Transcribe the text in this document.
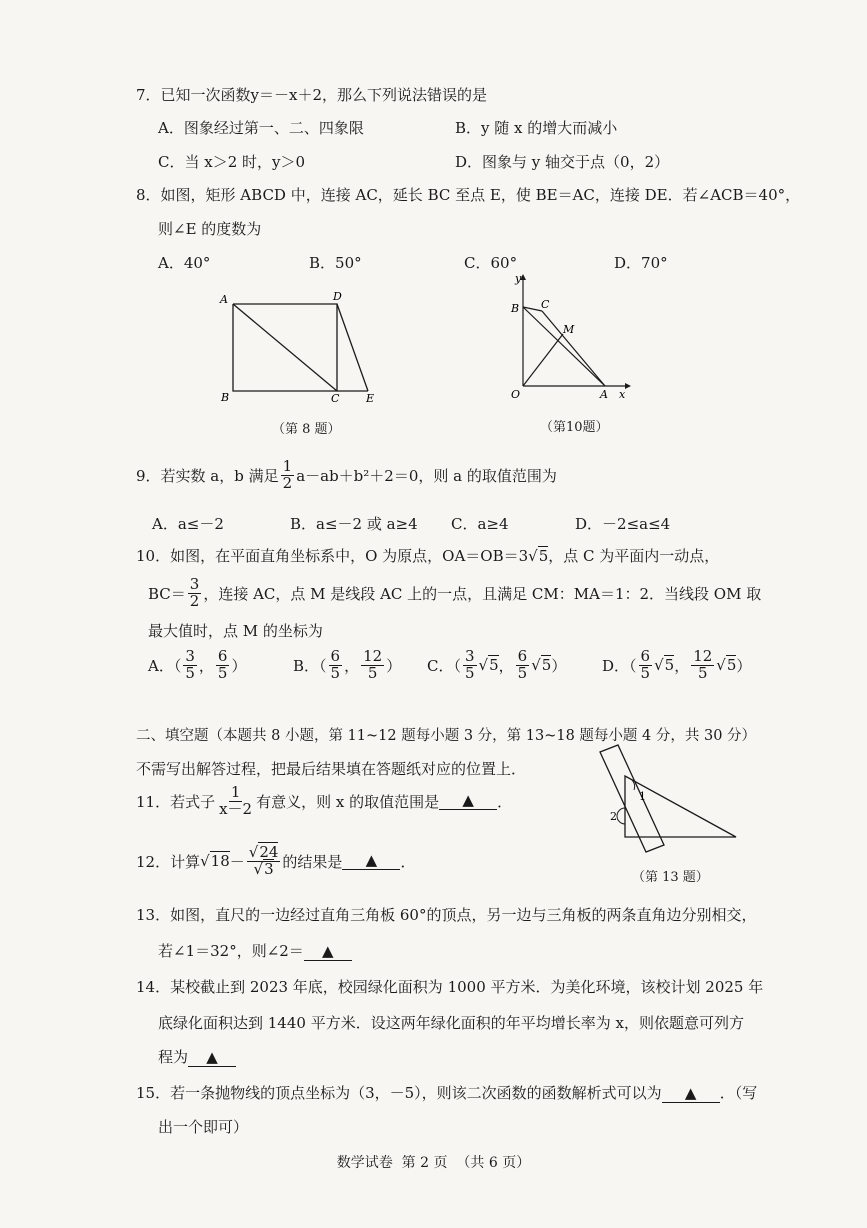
7．已知一次函数y＝－x＋2，那么下列说法错误的是
A．图象经过第一、二、四象限	B．y 随 x 的增大而减小
C．当 x＞2 时，y＞0	D．图象与 y 轴交于点（0，2）
8．如图，矩形 ABCD 中，连接 AC，延长 BC 至点 E，使 BE＝AC，连接 DE．若∠ACB＝40°，
则∠E 的度数为
A．40°	B．50°	C．60°	D．70°
A	D
B	C E
（第 8 题）
y
x
O	A
B C
M
（第10题）
9．若实数 a，b 满足 $\frac{1}{2} a-ab+b^2+2=0$，则 a 的取值范围为
A．a≤－2	B．a≤－2 或 a≥4 C．a≥4	D．－2≤a≤4
10．如图，在平面直角坐标系中，O 为原点，OA＝OB＝3√5，点 C 为平面内一动点，
$BC= \frac{3}{2}$ ，连接 AC，点 M 是线段 AC 上的一点，且满足 CM：MA＝1：2．当线段 OM 取
最大值时，点 M 的坐标为
A．（ $\frac{3}{5}$ ， $\frac{6}{5}$ ）	B．（ $\frac{6}{5}$ ， $\frac{12}{5}$ ） C．（ $\frac{3}{5} √5$ ， $\frac{6}{5} √5$ ） D．（ $\frac{6}{5} √5$ ， $\frac{12}{5} √5$ ）
二、填空题（本题共 8 小题，第 11~12 题每小题 3 分，第 13~18 题每小题 4 分，共 30 分）
不需写出解答过程，把最后结果填在答题纸对应的位置上．
1
2
（第 13 题）
11．若式子 $\frac{1}{x-2}$ 有意义，则 x 的取值范围是	▲	．
12．计算 $√18 - \frac{√24}{√3}$ 的结果是	▲	．
13．如图，直尺的一边经过直角三角板 60°的顶点，另一边与三角板的两条直角边分别相交，
若∠1＝32°，则∠2＝ ▲
14．某校截止到 2023 年底，校园绿化面积为 1000 平方米．为美化环境，该校计划 2025 年
底绿化面积达到 1440 平方米．设这两年绿化面积的年平均增长率为 x，则依题意可列方
程为 ▲
15．若一条抛物线的顶点坐标为（3，－5），则该二次函数的函数解析式可以为 ▲ ．（写
出一个即可）
数学试卷  第 2 页  （共 6 页）
